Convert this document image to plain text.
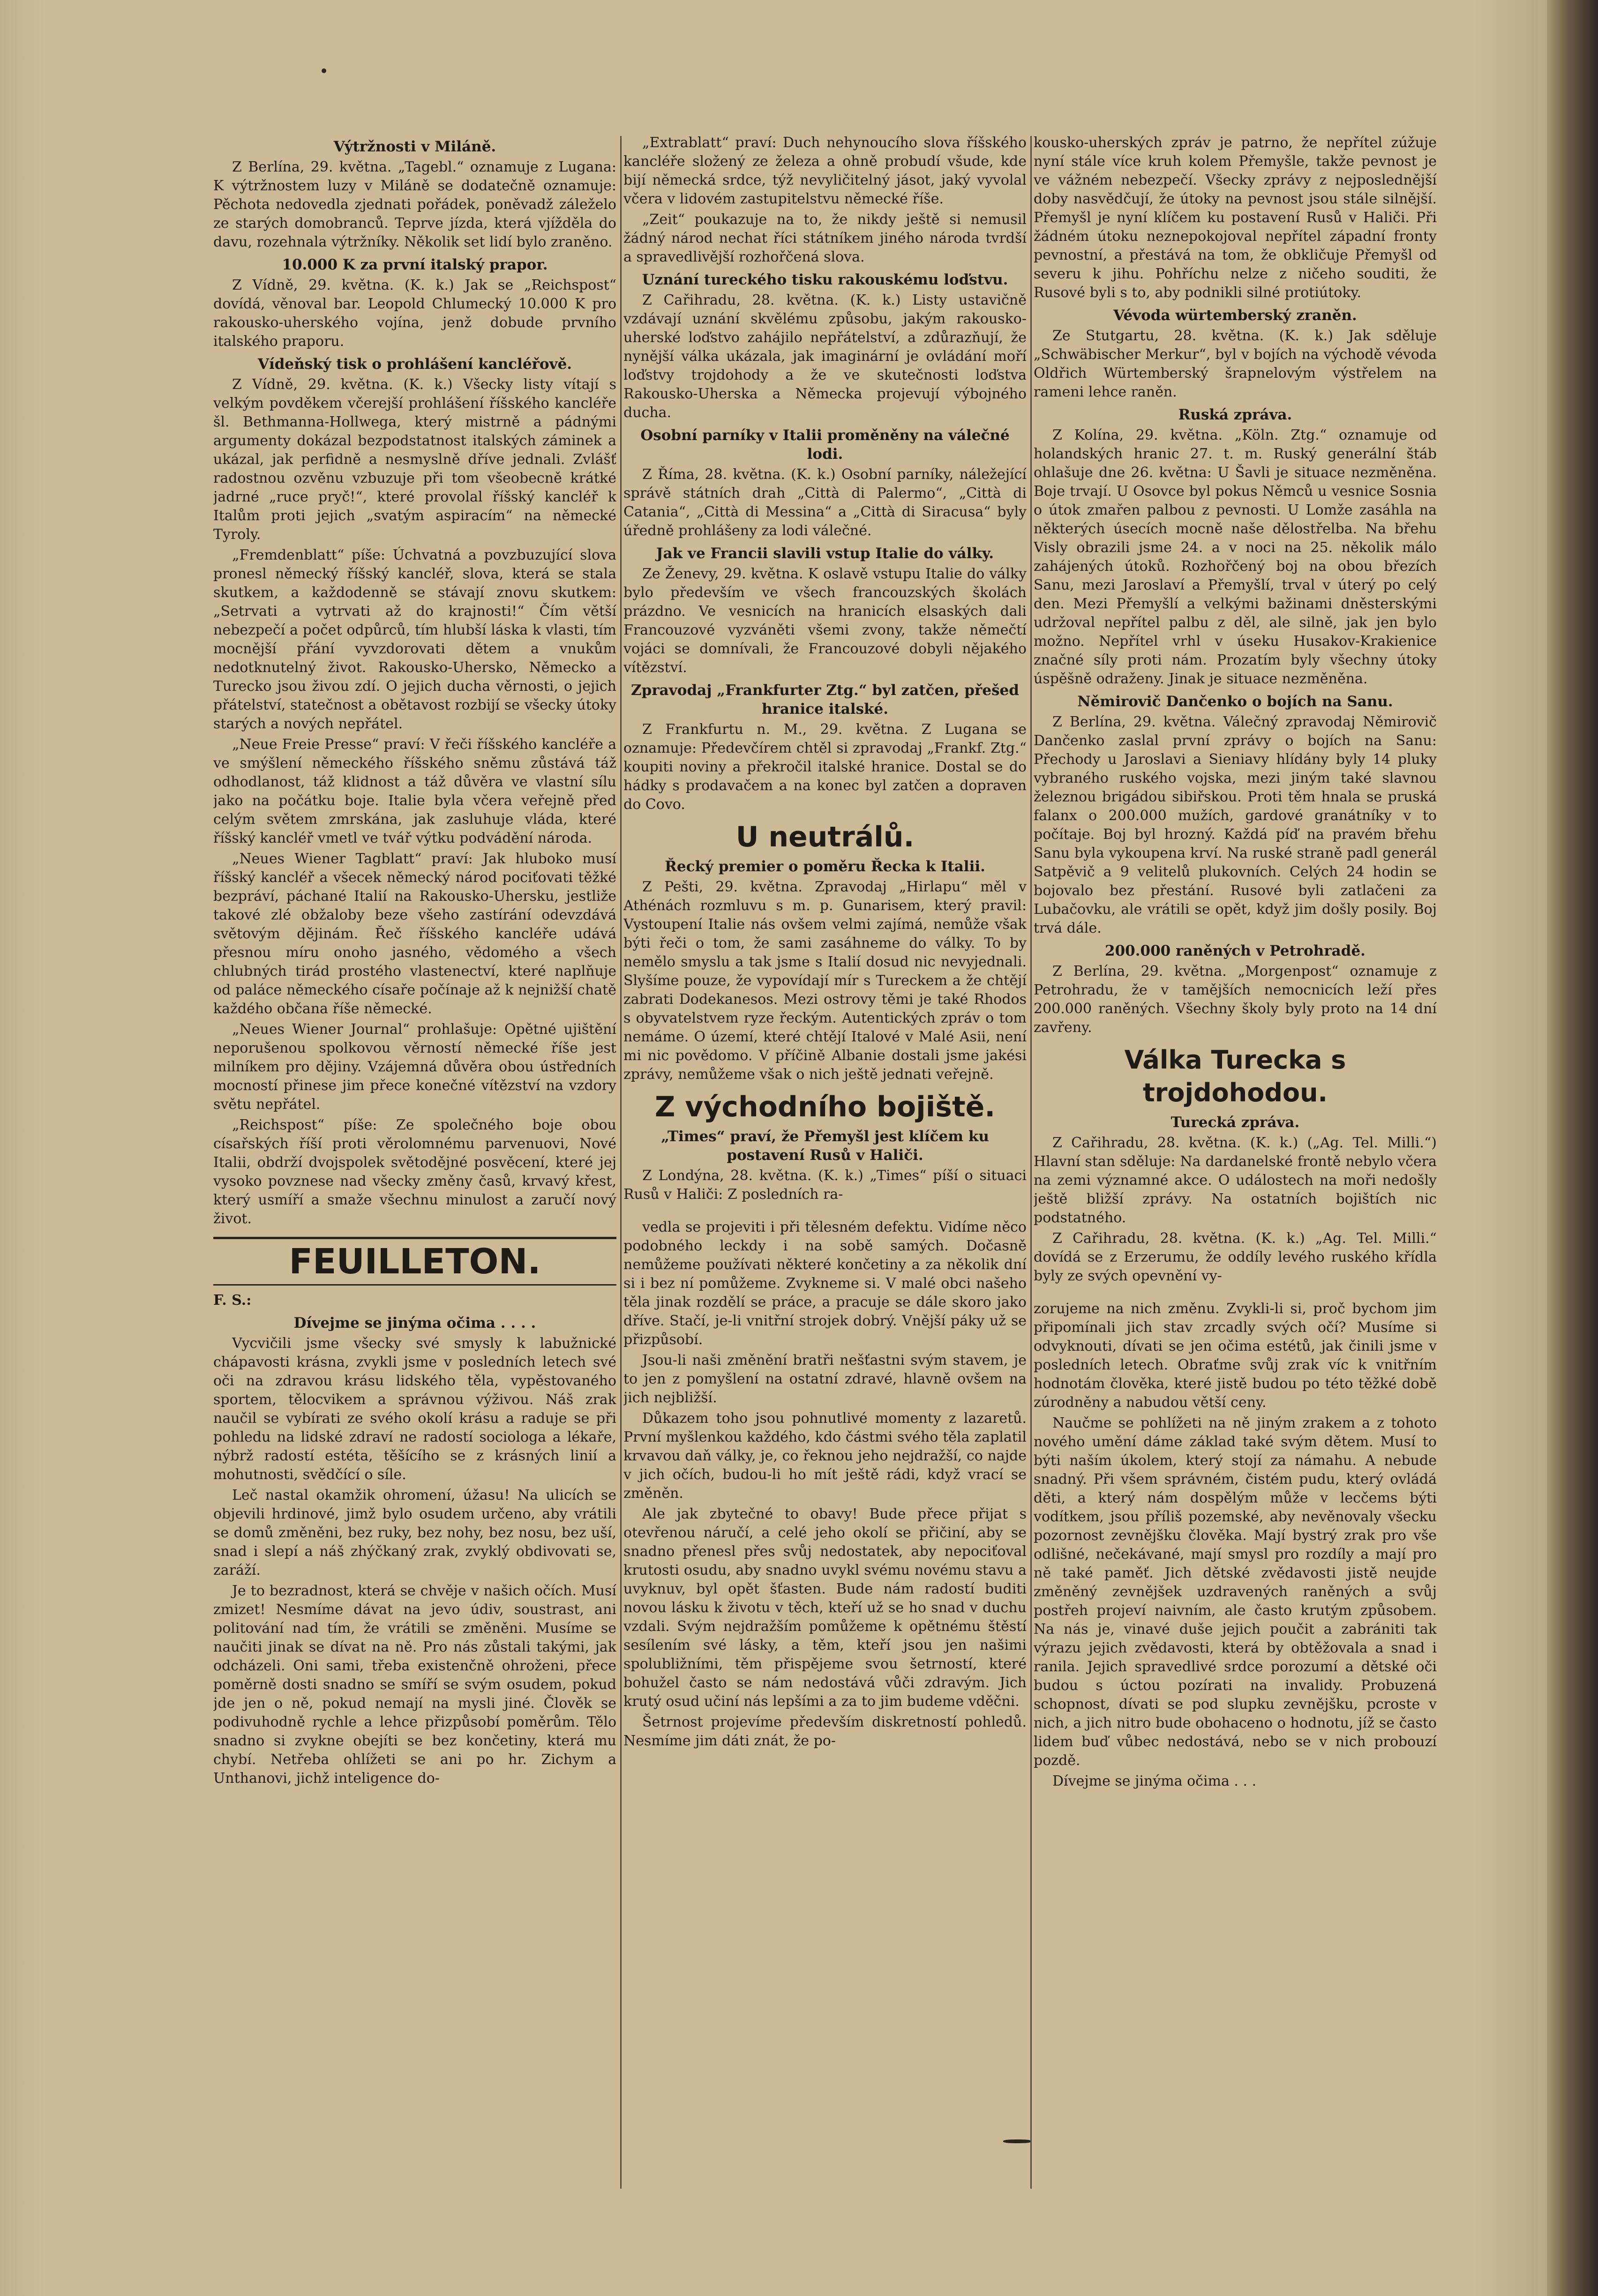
Výtržnosti v Miláně.

Z Berlína, 29. května. „Tagebl.“ oznamuje z Lugana: K výtržnostem luzy v Miláně se dodatečně oznamuje: Pěchota nedovedla zjednati pořádek, poněvadž záleželo ze starých domobranců. Teprve jízda, která vjížděla do davu, rozehnala výtržníky. Několik set lidí bylo zraněno.

10.000 K za první italský prapor.

Z Vídně, 29. května. (K. k.) Jak se „Reichspost“ dovídá, věnoval bar. Leopold Chlumecký 10.000 K pro rakousko-uherského vojína, jenž dobude prvního italského praporu.

Vídeňský tisk o prohlášení kancléřově.

Z Vídně, 29. května. (K. k.) Všecky listy vítají s velkým povděkem včerejší prohlášení říšského kancléře šl. Bethmanna-Hollwega, který mistrně a pádnými argumenty dokázal bezpodstatnost italských záminek a ukázal, jak perfidně a nesmyslně dříve jednali. Zvlášť radostnou ozvěnu vzbuzuje při tom všeobecně krátké jadrné „ruce pryč!“, které provolal říšský kancléř k Italům proti jejich „svatým aspiracím“ na německé Tyroly.

„Fremdenblatt“ píše: Úchvatná a povzbuzující slova pronesl německý říšský kancléř, slova, která se stala skutkem, a každodenně se stávají znovu skutkem: „Setrvati a vytrvati až do krajnosti!“ Čím větší nebezpečí a počet odpůrců, tím hlubší láska k vlasti, tím mocnější přání vyvzdorovati dětem a vnukům nedotknutelný život. Rakousko-Uhersko, Německo a Turecko jsou živou zdí. O jejich ducha věrnosti, o jejich přátelství, statečnost a obětavost rozbijí se všecky útoky starých a nových nepřátel.

„Neue Freie Presse“ praví: V řeči říšského kancléře a ve smýšlení německého říšského sněmu zůstává táž odhodlanost, táž klidnost a táž důvěra ve vlastní sílu jako na počátku boje. Italie byla včera veřejně před celým světem zmrskána, jak zasluhuje vláda, které říšský kancléř vmetl ve tvář výtku podvádění národa.

„Neues Wiener Tagblatt“ praví: Jak hluboko musí říšský kancléř a všecek německý národ pociťovati těžké bezpráví, páchané Italií na Rakousko-Uhersku, jestliže takové zlé obžaloby beze všeho zastírání odevzdává světovým dějinám. Řeč říšského kancléře udává přesnou míru onoho jasného, vědomého a všech chlubných tirád prostého vlastenectví, které naplňuje od paláce německého císaře počínaje až k nejnižší chatě každého občana říše německé.

„Neues Wiener Journal“ prohlašuje: Opětné ujištění neporušenou spolkovou věrností německé říše jest milníkem pro dějiny. Vzájemná důvěra obou ústředních mocností přinese jim přece konečné vítězství na vzdory světu nepřátel.

„Reichspost“ píše: Ze společného boje obou císařských říší proti věrolomnému parvenuovi, Nové Italii, obdrží dvojspolek světodějné posvěcení, které jej vysoko povznese nad všecky změny časů, krvavý křest, který usmíří a smaže všechnu minulost a zaručí nový život.

FEUILLETON.

F. S.:

Dívejme se jinýma očima . . . .

Vycvičili jsme všecky své smysly k labužnické chápavosti krásna, zvykli jsme v posledních letech své oči na zdravou krásu lidského těla, vypěstovaného sportem, tělocvikem a správnou výživou. Náš zrak naučil se vybírati ze svého okolí krásu a raduje se při pohledu na lidské zdraví ne radostí sociologa a lékaře, nýbrž radostí estéta, těšícího se z krásných linií a mohutnosti, svědčící o síle.

Leč nastal okamžik ohromení, úžasu! Na ulicích se objevili hrdinové, jimž bylo osudem určeno, aby vrátili se domů změněni, bez ruky, bez nohy, bez nosu, bez uší, snad i slepí a náš zhýčkaný zrak, zvyklý obdivovati se, zaráží.

Je to bezradnost, která se chvěje v našich očích. Musí zmizet! Nesmíme dávat na jevo údiv, soustrast, ani politování nad tím, že vrátili se změněni. Musíme se naučiti jinak se dívat na ně. Pro nás zůstali takými, jak odcházeli. Oni sami, třeba existenčně ohroženi, přece poměrně dosti snadno se smíří se svým osudem, pokud jde jen o ně, pokud nemají na mysli jiné. Člověk se podivuhodně rychle a lehce přizpůsobí poměrům. Tělo snadno si zvykne obejíti se bez končetiny, která mu chybí. Netřeba ohlížeti se ani po hr. Zichym a Unthanovi, jichž inteligence do-

„Extrablatt“ praví: Duch nehynoucího slova říšského kancléře složený ze železa a ohně probudí všude, kde bijí německá srdce, týž nevyličitelný jásot, jaký vyvolal včera v lidovém zastupitelstvu německé říše.

„Zeit“ poukazuje na to, že nikdy ještě si nemusil žádný národ nechat říci státníkem jiného národa tvrdší a spravedlivější rozhořčená slova.

Uznání tureckého tisku rakouskému loďstvu.

Z Cařihradu, 28. května. (K. k.) Listy ustavičně vzdávají uznání skvělému způsobu, jakým rakousko-uherské loďstvo zahájilo nepřátelství, a zdůrazňují, že nynější válka ukázala, jak imaginární je ovládání moří loďstvy trojdohody a že ve skutečnosti loďstva Rakousko-Uherska a Německa projevují výbojného ducha.

Osobní parníky v Italii proměněny na válečné lodi.

Z Říma, 28. května. (K. k.) Osobní parníky, náležející správě státních drah „Città di Palermo“, „Città di Catania“, „Città di Messina“ a „Città di Siracusa“ byly úředně prohlášeny za lodi válečné.

Jak ve Francii slavili vstup Italie do války.

Ze Ženevy, 29. května. K oslavě vstupu Italie do války bylo především ve všech francouzských školách prázdno. Ve vesnicích na hranicích elsaských dali Francouzové vyzváněti všemi zvony, takže němečtí vojáci se domnívali, že Francouzové dobyli nějakého vítězství.

Zpravodaj „Frankfurter Ztg.“ byl zatčen, přešed hranice italské.

Z Frankfurtu n. M., 29. května. Z Lugana se oznamuje: Předevčírem chtěl si zpravodaj „Frankf. Ztg.“ koupiti noviny a překročil italské hranice. Dostal se do hádky s prodavačem a na konec byl zatčen a dopraven do Covo.

U neutrálů.
Řecký premier o poměru Řecka k Italii.

Z Pešti, 29. května. Zpravodaj „Hirlapu“ měl v Athénách rozmluvu s m. p. Gunarisem, který pravil: Vystoupení Italie nás ovšem velmi zajímá, nemůže však býti řeči o tom, že sami zasáhneme do války. To by nemělo smyslu a tak jsme s Italií dosud nic nevyjednali. Slyšíme pouze, že vypovídají mír s Tureckem a že chtějí zabrati Dodekanesos. Mezi ostrovy těmi je také Rhodos s obyvatelstvem ryze řeckým. Autentických zpráv o tom nemáme. O území, které chtějí Italové v Malé Asii, není mi nic povědomo. V příčině Albanie dostali jsme jakési zprávy, nemůžeme však o nich ještě jednati veřejně.

Z východního bojiště.
„Times“ praví, že Přemyšl jest klíčem ku postavení Rusů v Haliči.

Z Londýna, 28. května. (K. k.) „Times“ píší o situaci Rusů v Haliči: Z posledních ra-

vedla se projeviti i při tělesném defektu. Vidíme něco podobného leckdy i na sobě samých. Dočasně nemůžeme používati některé končetiny a za několik dní si i bez ní pomůžeme. Zvykneme si. V malé obci našeho těla jinak rozdělí se práce, a pracuje se dále skoro jako dříve. Stačí, je-li vnitřní strojek dobrý. Vnější páky už se přizpůsobí.

Jsou-li naši změnění bratři nešťastni svým stavem, je to jen z pomyšlení na ostatní zdravé, hlavně ovšem na jich nejbližší.

Důkazem toho jsou pohnutlivé momenty z lazaretů. První myšlenkou každého, kdo částmi svého těla zaplatil krvavou daň války, je, co řeknou jeho nejdražší, co najde v jich očích, budou-li ho mít ještě rádi, když vrací se změněn.

Ale jak zbytečné to obavy! Bude přece přijat s otevřenou náručí, a celé jeho okolí se přičiní, aby se snadno přenesl přes svůj nedostatek, aby nepociťoval krutosti osudu, aby snadno uvykl svému novému stavu a uvyknuv, byl opět šťasten. Bude nám radostí buditi novou lásku k životu v těch, kteří už se ho snad v duchu vzdali. Svým nejdražším pomůžeme k opětnému štěstí sesílením své lásky, a těm, kteří jsou jen našimi spolubližními, těm přispějeme svou šetrností, které bohužel často se nám nedostává vůči zdravým. Jich krutý osud učiní nás lepšími a za to jim budeme vděčni.

Šetrnost projevíme především diskretností pohledů. Nesmíme jim dáti znát, že po-

kousko-uherských zpráv je patrno, že nepřítel zúžuje nyní stále více kruh kolem Přemyšle, takže pevnost je ve vážném nebezpečí. Všecky zprávy z nejposlednější doby nasvědčují, že útoky na pevnost jsou stále silnější. Přemyšl je nyní klíčem ku postavení Rusů v Haliči. Při žádném útoku neznepokojoval nepřítel západní fronty pevnostní, a přestává na tom, že obkličuje Přemyšl od severu k jihu. Pohříchu nelze z ničeho souditi, že Rusové byli s to, aby podnikli silné protiútoky.

Vévoda würtemberský zraněn.

Ze Stutgartu, 28. května. (K. k.) Jak sděluje „Schwäbischer Merkur“, byl v bojích na východě vévoda Oldřich Würtemberský šrapnelovým výstřelem na rameni lehce raněn.

Ruská zpráva.

Z Kolína, 29. května. „Köln. Ztg.“ oznamuje od holandských hranic 27. t. m. Ruský generální štáb ohlašuje dne 26. května: U Šavli je situace nezměněna. Boje trvají. U Osovce byl pokus Němců u vesnice Sosnia o útok zmařen palbou z pevnosti. U Lomže zasáhla na některých úsecích mocně naše dělostřelba. Na břehu Visly obrazili jsme 24. a v noci na 25. několik málo zahájených útoků. Rozhořčený boj na obou březích Sanu, mezi Jaroslaví a Přemyšlí, trval v úterý po celý den. Mezi Přemyšlí a velkými bažinami dněsterskými udržoval nepřítel palbu z děl, ale silně, jak jen bylo možno. Nepřítel vrhl v úseku Husakov-Krakienice značné síly proti nám. Prozatím byly všechny útoky úspěšně odraženy. Jinak je situace nezměněna.

Němirovič Dančenko o bojích na Sanu.

Z Berlína, 29. května. Válečný zpravodaj Němirovič Dančenko zaslal první zprávy o bojích na Sanu: Přechody u Jaroslavi a Sieniavy hlídány byly 14 pluky vybraného ruského vojska, mezi jiným také slavnou železnou brigádou sibiřskou. Proti těm hnala se pruská falanx o 200.000 mužích, gardové granátníky v to počítaje. Boj byl hrozný. Každá píď na pravém břehu Sanu byla vykoupena krví. Na ruské straně padl generál Satpěvič a 9 velitelů plukovních. Celých 24 hodin se bojovalo bez přestání. Rusové byli zatlačeni za Lubačovku, ale vrátili se opět, když jim došly posily. Boj trvá dále.

200.000 raněných v Petrohradě.

Z Berlína, 29. května. „Morgenpost“ oznamuje z Petrohradu, že v tamějších nemocnicích leží přes 200.000 raněných. Všechny školy byly proto na 14 dní zavřeny.

Válka Turecka s trojdohodou.
Turecká zpráva.

Z Cařihradu, 28. května. (K. k.) („Ag. Tel. Milli.“) Hlavní stan sděluje: Na dardanelské frontě nebylo včera na zemi významné akce. O událostech na moři nedošly ještě bližší zprávy. Na ostatních bojištích nic podstatného.

Z Cařihradu, 28. května. (K. k.) „Ag. Tel. Milli.“ dovídá se z Erzerumu, že oddíly levého ruského křídla byly ze svých opevnění vy-

zorujeme na nich změnu. Zvykli-li si, proč bychom jim připomínali jich stav zrcadly svých očí? Musíme si odvyknouti, dívati se jen očima estétů, jak činili jsme v posledních letech. Obraťme svůj zrak víc k vnitřním hodnotám člověka, které jistě budou po této těžké době zúrodněny a nabudou větší ceny.

Naučme se pohlížeti na ně jiným zrakem a z tohoto nového umění dáme základ také svým dětem. Musí to býti naším úkolem, který stojí za námahu. A nebude snadný. Při všem správném, čistém pudu, který ovládá děti, a který nám dospělým může v lecčems býti vodítkem, jsou příliš pozemské, aby nevěnovaly všecku pozornost zevnějšku člověka. Mají bystrý zrak pro vše odlišné, nečekávané, mají smysl pro rozdíly a mají pro ně také paměť. Jich dětské zvědavosti jistě neujde změněný zevnějšek uzdravených raněných a svůj postřeh projeví naivním, ale často krutým způsobem. Na nás je, vinavé duše jejich poučit a zabrániti tak výrazu jejich zvědavosti, která by obtěžovala a snad i ranila. Jejich spravedlivé srdce porozumí a dětské oči budou s úctou pozírati na invalidy. Probuzená schopnost, dívati se pod slupku zevnějšku, pcroste v nich, a jich nitro bude obohaceno o hodnotu, jíž se často lidem buď vůbec nedostává, nebo se v nich probouzí pozdě.

Dívejme se jinýma očima . . .
